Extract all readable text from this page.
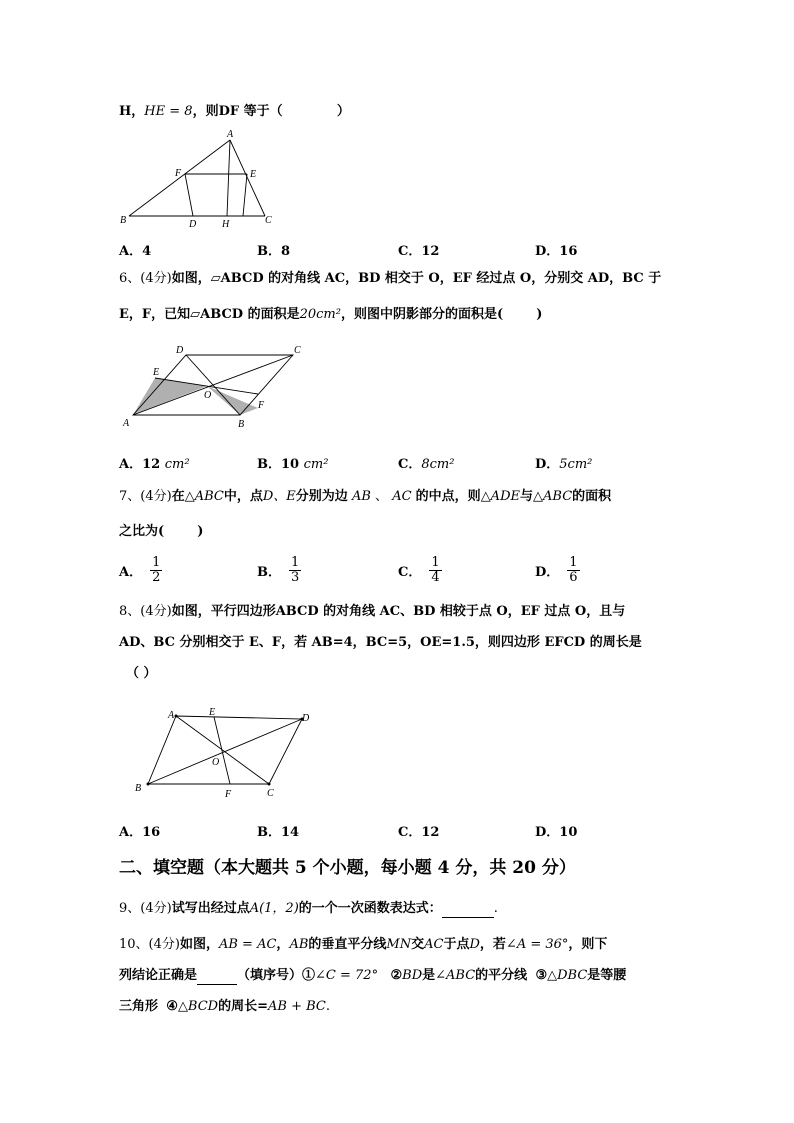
H，HE = 8，则DF 等于（	）
A
B	C
D
E
F
H
A．4	B．8	C．12	D．16
6、(4分)如图，▱ABCD 的对角线 AC，BD 相交于 O，EF 经过点 O，分别交 AD，BC 于
E，F，已知▱ABCD 的面积是20cm²，则图中阴影部分的面积是(	)
A	B
C
D
E
F
O
A．12 cm²	B．10 cm²	C．8cm²	D．5cm²
7、(4分)在△ABC中，点D、E分别为边 AB 、 AC 的中点，则△ADE与△ABC的面积
之比为(	)
A． $\frac{1}{2}$	B． $\frac{1}{3}$	C． $\frac{1}{4}$	D． $\frac{1}{6}$
8、(4分)如图，平行四边形ABCD 的对角线 AC、BD 相较于点 O，EF 过点 O，且与
AD、BC 分别相交于 E、F，若 AB=4，BC=5，OE=1.5，则四边形 EFCD 的周长是
（ ）
A
B	C
D
E
F
O
A．16	B．14	C．12	D．10
二、填空题（本大题共 5 个小题，每小题 4 分，共 20 分）
9、(4分)试写出经过点A(1，2)的一个一次函数表达式：	.
10、(4分)如图，AB = AC，AB的垂直平分线MN交AC于点D，若∠A = 36°，则下
列结论正确是	（填序号）①∠C = 72° ②BD是∠ABC的平分线 ③△DBC是等腰
三角形 ④△BCD的周长=AB + BC.
